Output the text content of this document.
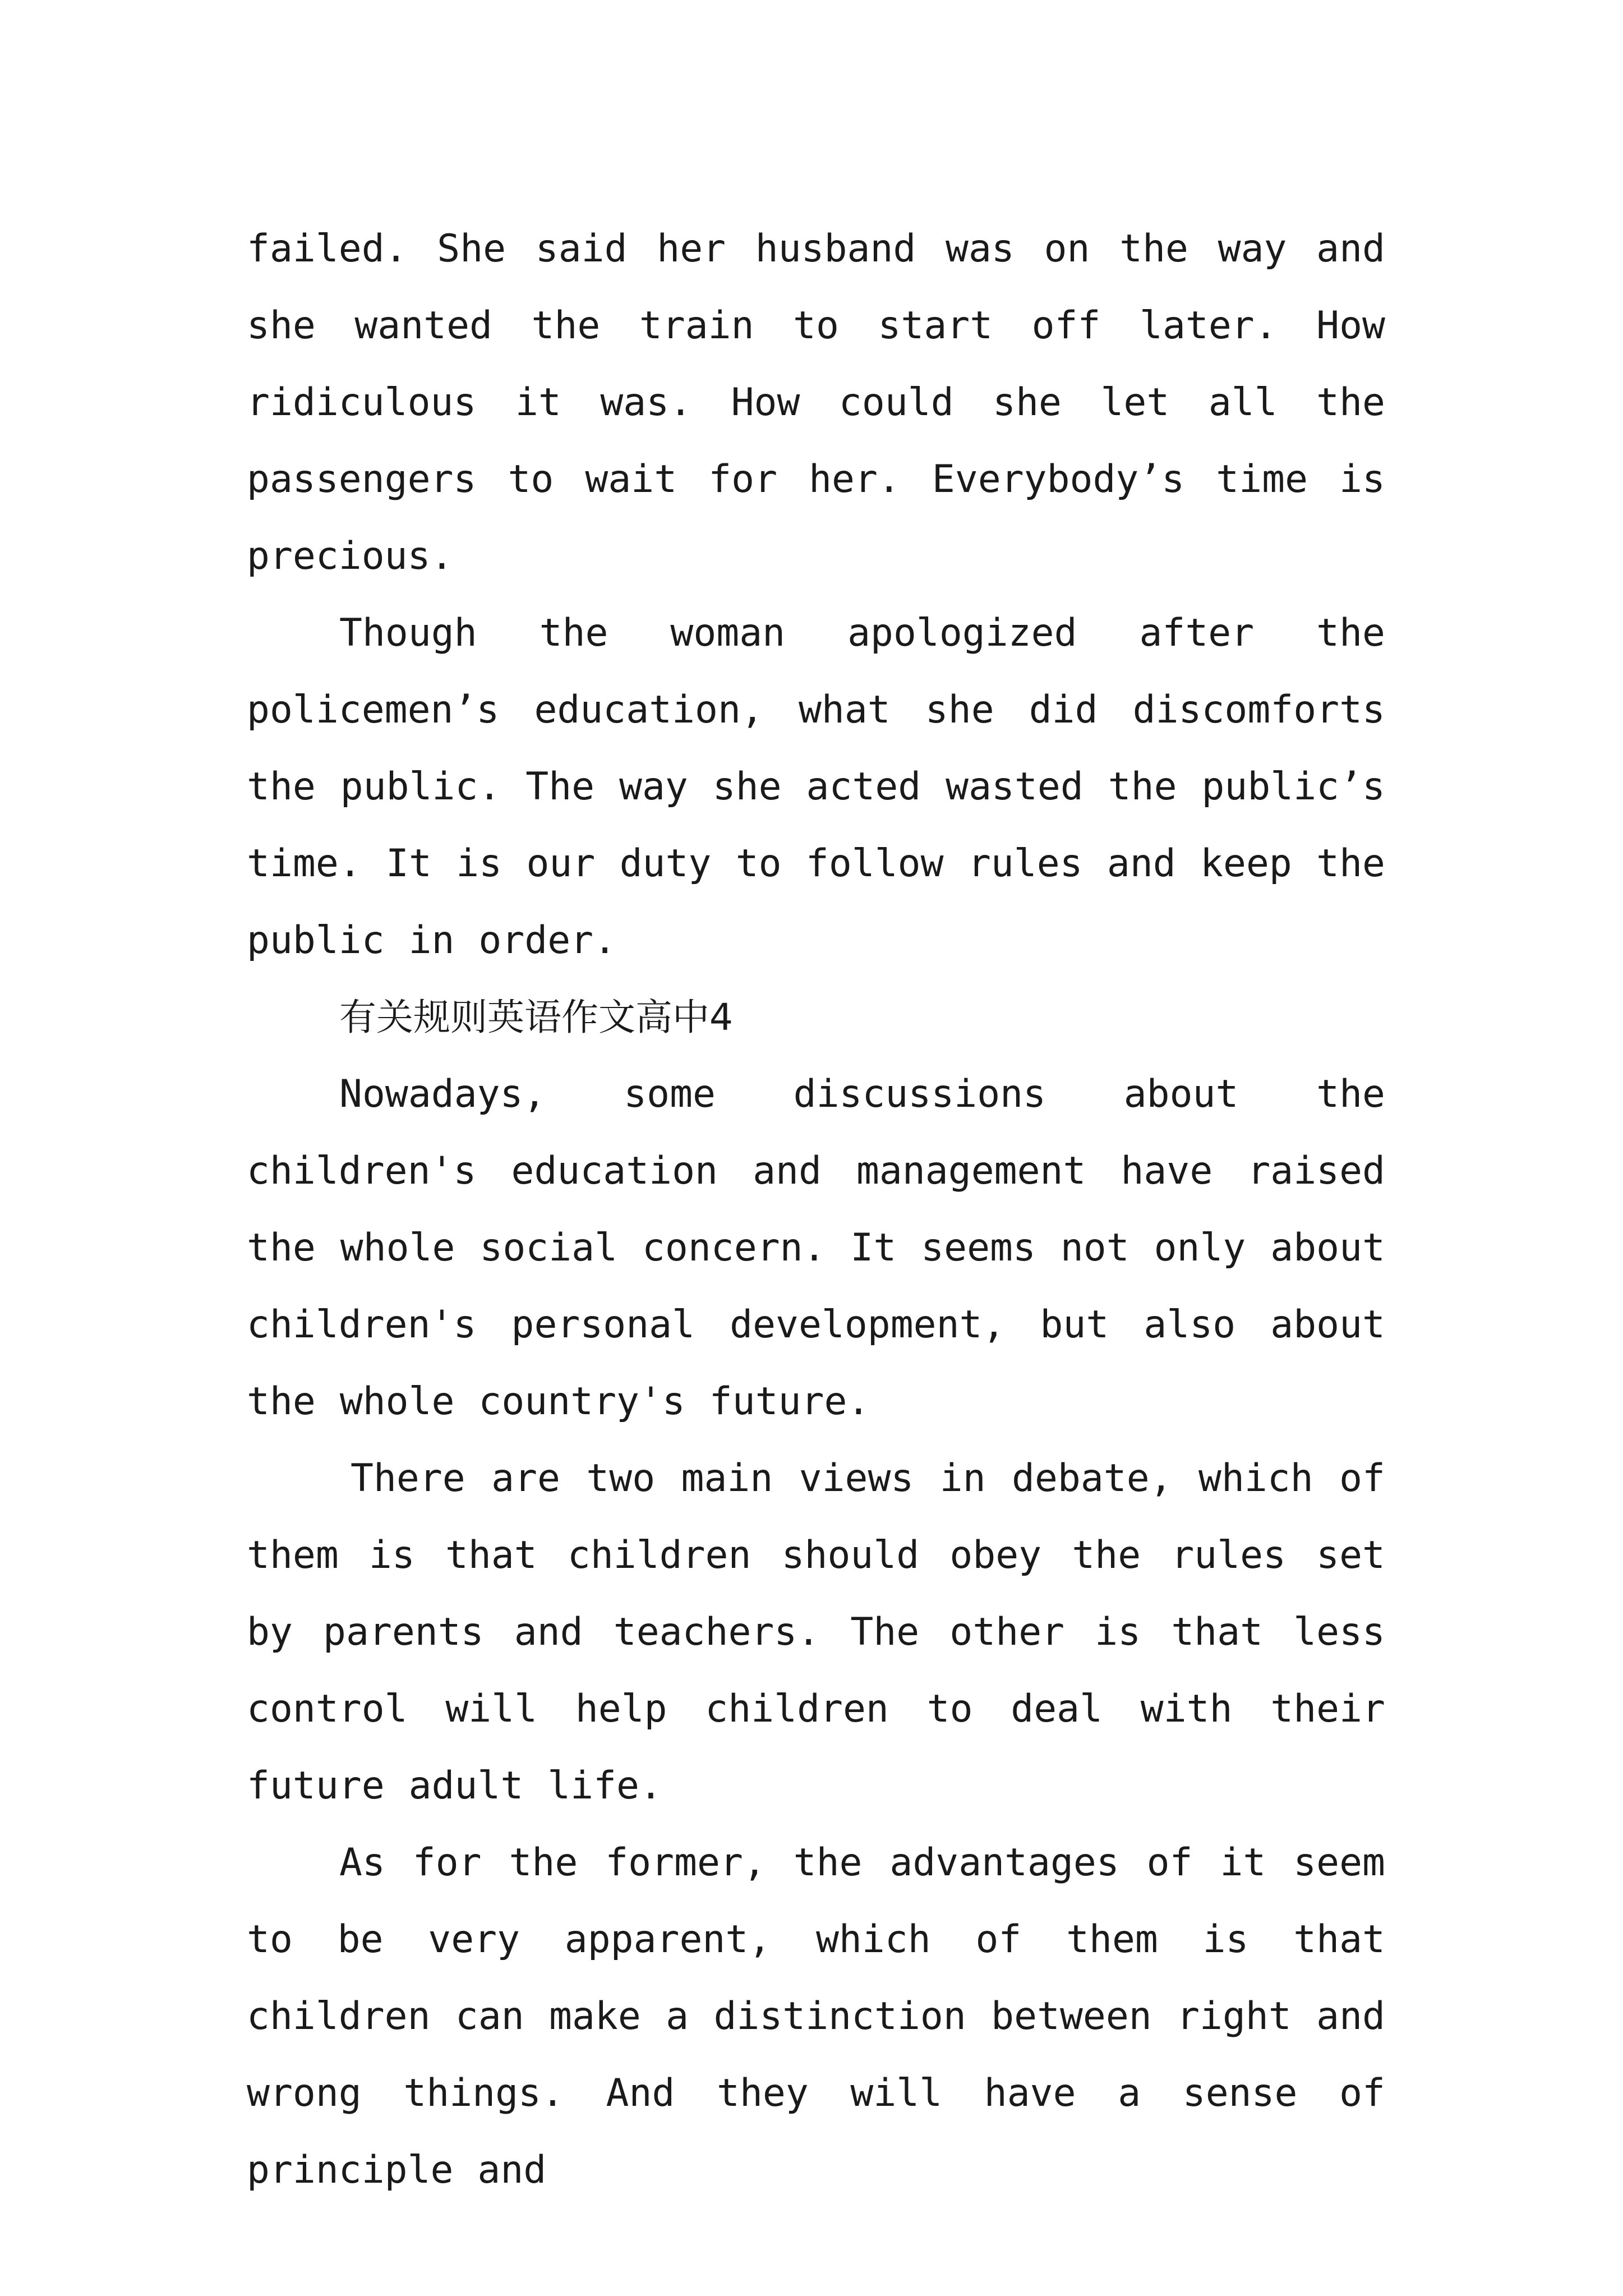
failed. She said her husband was on the way and she wanted the train to start off later. How ridiculous it was. How could she let all the passengers to wait for her. Everybody’s time is precious.

Though the woman apologized after the policemen’s education, what she did discomforts the public. The way she acted wasted the public’s time. It is our duty to follow rules and keep the public in order.

有关规则英语作文高中4

Nowadays, some discussions about the children's education and management have raised the whole social concern. It seems not only about children's personal development, but also about the whole country's future.

There are two main views in debate, which of them is that children should obey the rules set by parents and teachers. The other is that less control will help children to deal with their future adult life.

As for the former, the advantages of it seem to be very apparent, which of them is that children can make a distinction between right and wrong things. And they will have a sense of principle and
